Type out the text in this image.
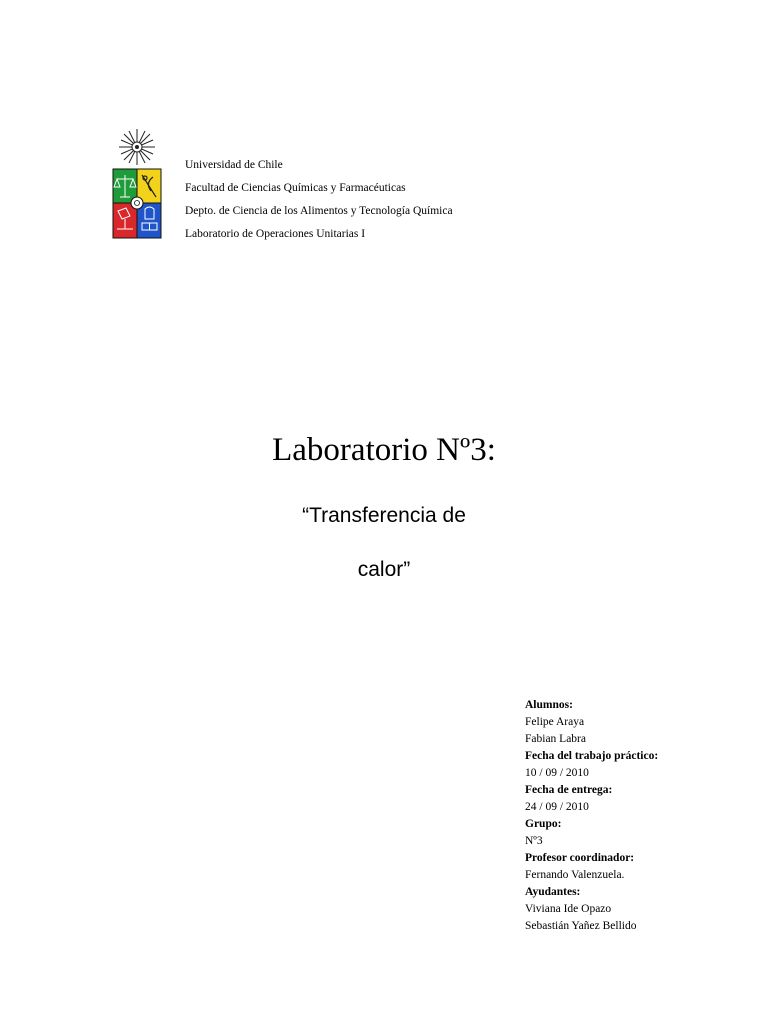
Universidad de Chile
Facultad de Ciencias Químicas y Farmacéuticas
Depto. de Ciencia de los Alimentos y Tecnología Química
Laboratorio de Operaciones Unitarias I
Laboratorio Nº3:
“Transferencia de
calor”
Alumnos:
Felipe Araya
Fabian Labra
Fecha del trabajo práctico:
10 / 09 / 2010
Fecha de entrega:
24 / 09 / 2010
Grupo:
Nº3
Profesor coordinador:
Fernando Valenzuela.
Ayudantes:
Viviana Ide Opazo
Sebastián Yañez Bellido
